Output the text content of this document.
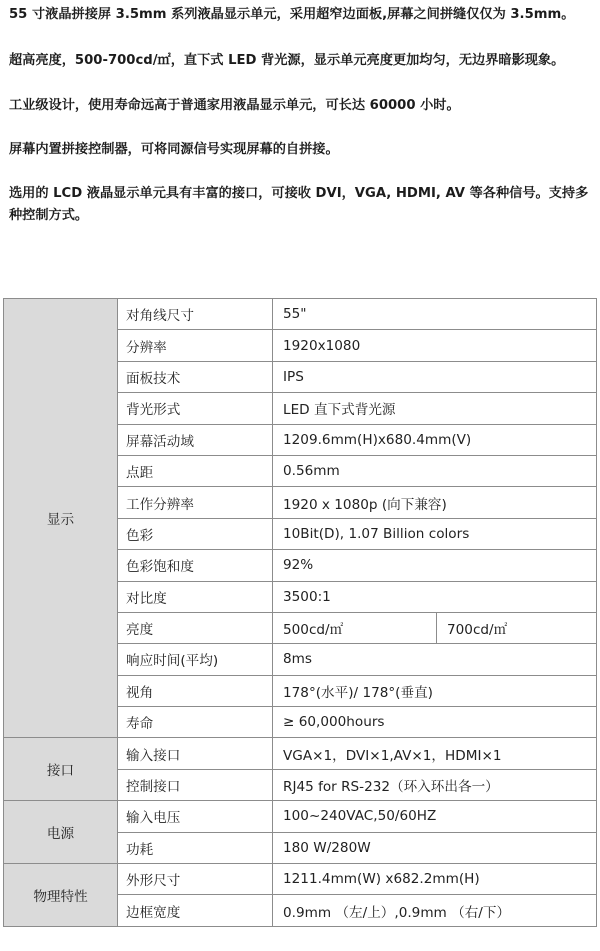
55 寸液晶拼接屏 3.5mm 系列液晶显示单元，采用超窄边面板,屏幕之间拼缝仅仅为 3.5mm。

超高亮度，500-700cd/㎡，直下式 LED 背光源，显示单元亮度更加均匀，无边界暗影现象。

工业级设计，使用寿命远高于普通家用液晶显示单元，可长达 60000 小时。

屏幕内置拼接控制器，可将同源信号实现屏幕的自拼接。

选用的 LCD 液晶显示单元具有丰富的接口，可接收 DVI，VGA, HDMI, AV 等各种信号。支持多种控制方式。

显示	对角线尺寸	55"	
	分辨率	1920x1080	
	面板技术	IPS	
	背光形式	LED 直下式背光源	
	屏幕活动域	1209.6mm(H)x680.4mm(V)	
	点距	0.56mm	
	工作分辨率	1920 x 1080p (向下兼容)	
	色彩	10Bit(D), 1.07 Billion colors	
	色彩饱和度	92%	
	对比度	3500:1	
	亮度	500cd/㎡	700cd/㎡
	响应时间(平均)	8ms	
	视角	178°(水平)/ 178°(垂直)	
	寿命	≥ 60,000hours	
接口	输入接口	VGA×1，DVI×1,AV×1，HDMI×1	
	控制接口	RJ45 for RS-232（环入环出各一）	
电源	输入电压	100~240VAC,50/60HZ	
	功耗	180 W/280W	
物理特性	外形尺寸	1211.4mm(W) x682.2mm(H)	
	边框宽度	0.9mm （左/上）,0.9mm （右/下）	
